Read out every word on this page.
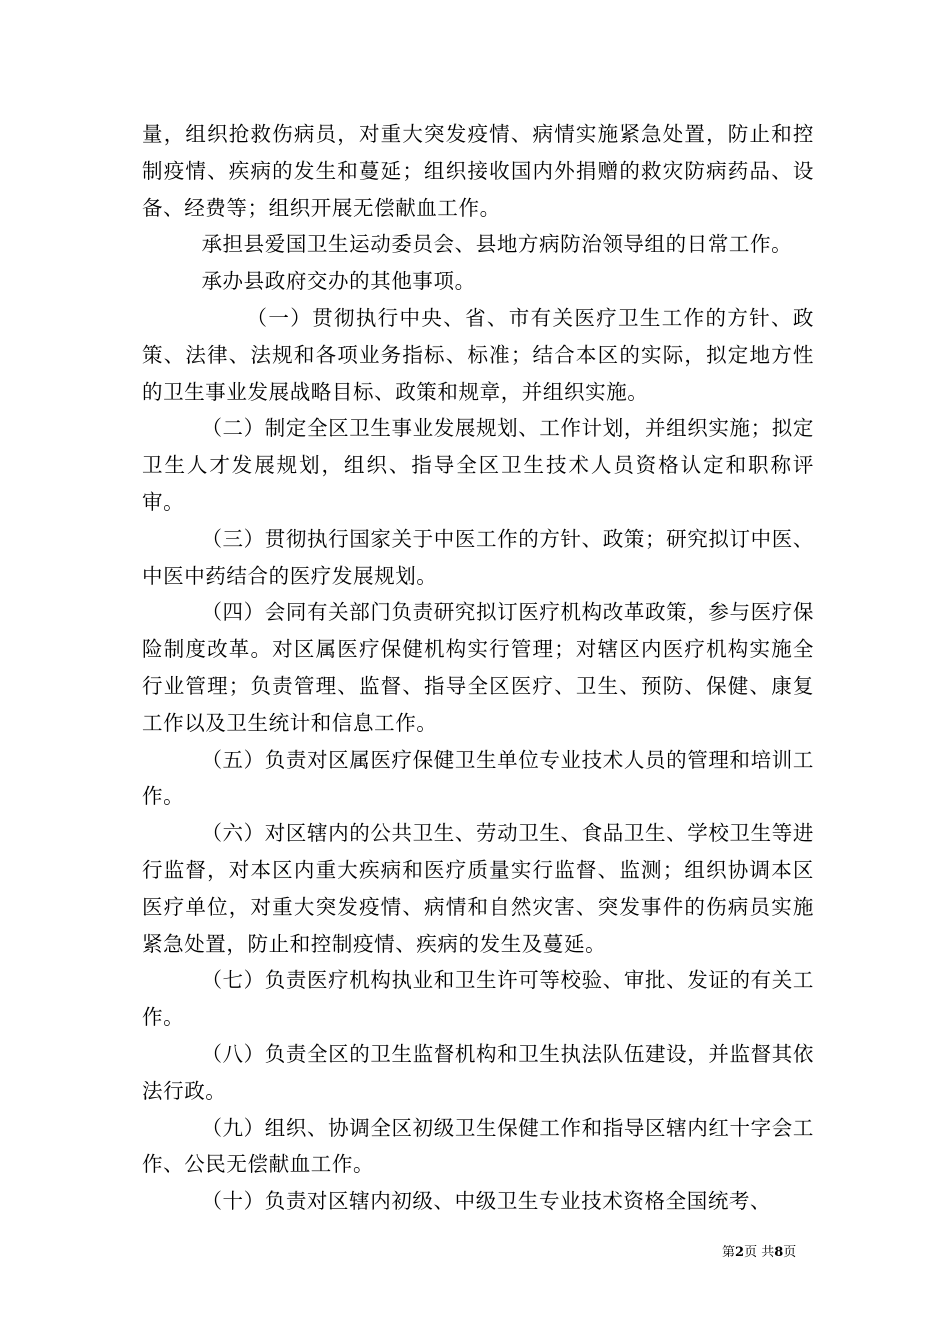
量，组织抢救伤病员，对重大突发疫情、病情实施紧急处置，防止和控制疫情、疾病的发生和蔓延；组织接收国内外捐赠的救灾防病药品、设备、经费等；组织开展无偿献血工作。

承担县爱国卫生运动委员会、县地方病防治领导组的日常工作。

承办县政府交办的其他事项。

（一）贯彻执行中央、省、市有关医疗卫生工作的方针、政策、法律、法规和各项业务指标、标准；结合本区的实际，拟定地方性的卫生事业发展战略目标、政策和规章，并组织实施。

（二）制定全区卫生事业发展规划、工作计划，并组织实施；拟定卫生人才发展规划，组织、指导全区卫生技术人员资格认定和职称评审。

（三）贯彻执行国家关于中医工作的方针、政策；研究拟订中医、中医中药结合的医疗发展规划。

（四）会同有关部门负责研究拟订医疗机构改革政策，参与医疗保险制度改革。对区属医疗保健机构实行管理；对辖区内医疗机构实施全行业管理；负责管理、监督、指导全区医疗、卫生、预防、保健、康复工作以及卫生统计和信息工作。

（五）负责对区属医疗保健卫生单位专业技术人员的管理和培训工作。

（六）对区辖内的公共卫生、劳动卫生、食品卫生、学校卫生等进行监督，对本区内重大疾病和医疗质量实行监督、监测；组织协调本区医疗单位，对重大突发疫情、病情和自然灾害、突发事件的伤病员实施紧急处置，防止和控制疫情、疾病的发生及蔓延。

（七）负责医疗机构执业和卫生许可等校验、审批、发证的有关工作。

（八）负责全区的卫生监督机构和卫生执法队伍建设，并监督其依法行政。

（九）组织、协调全区初级卫生保健工作和指导区辖内红十字会工作、公民无偿献血工作。

（十）负责对区辖内初级、中级卫生专业技术资格全国统考、

第2页 共8页
